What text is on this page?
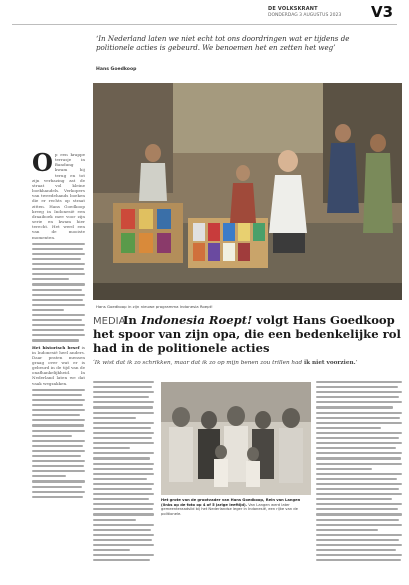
DE VOLKSKRANT
DONDERDAG 3 AUGUSTUS 2023 V3
‘In Nederland laten we niet echt tot ons doordringen wat er tijdens de politionele acties is gebeurd. We benoemen het en zetten het weg’
Hans Goedkoop
O p een krappe terrasje in Bandung kwam hij terug en tot zijn verbazing zat de straat vol kleine boekhandels. Verkopers van tweedehands boeken die er rechts op straat zitten. Hans Goedkoop kreeg in Indonesië een draaiboek mee voor zijn serie en kwam hier terecht. Het werd een van de mooiste momenten.
Het historisch besef is in Indonesië heel anders. Daar praten mensen graag over wat er is gebeurd in de tijd van de onafhankelijkheid. In Nederland laten we dat vaak wegzakken.
Hans Goedkoop in zijn nieuwe programma Indonesia Roept!
MEDIA
In Indonesia Roept! volgt Hans Goedkoop het spoor van zijn opa, die een bedenkelijke rol had in de politionele acties
‘Ik wist dat ik zo schrikken, maar dat ik zo op mijn benen zou trillen had ik niet voorzien.’
Het grote van de grootvader van Hans Goedkoop, Rein van Langen (links op de foto op 4 of 5 jarige leeftijd). Van Langen werd later gemeenteraadslid bij het Nederlandse leger in Indonesië, een rijke van de politionele.
